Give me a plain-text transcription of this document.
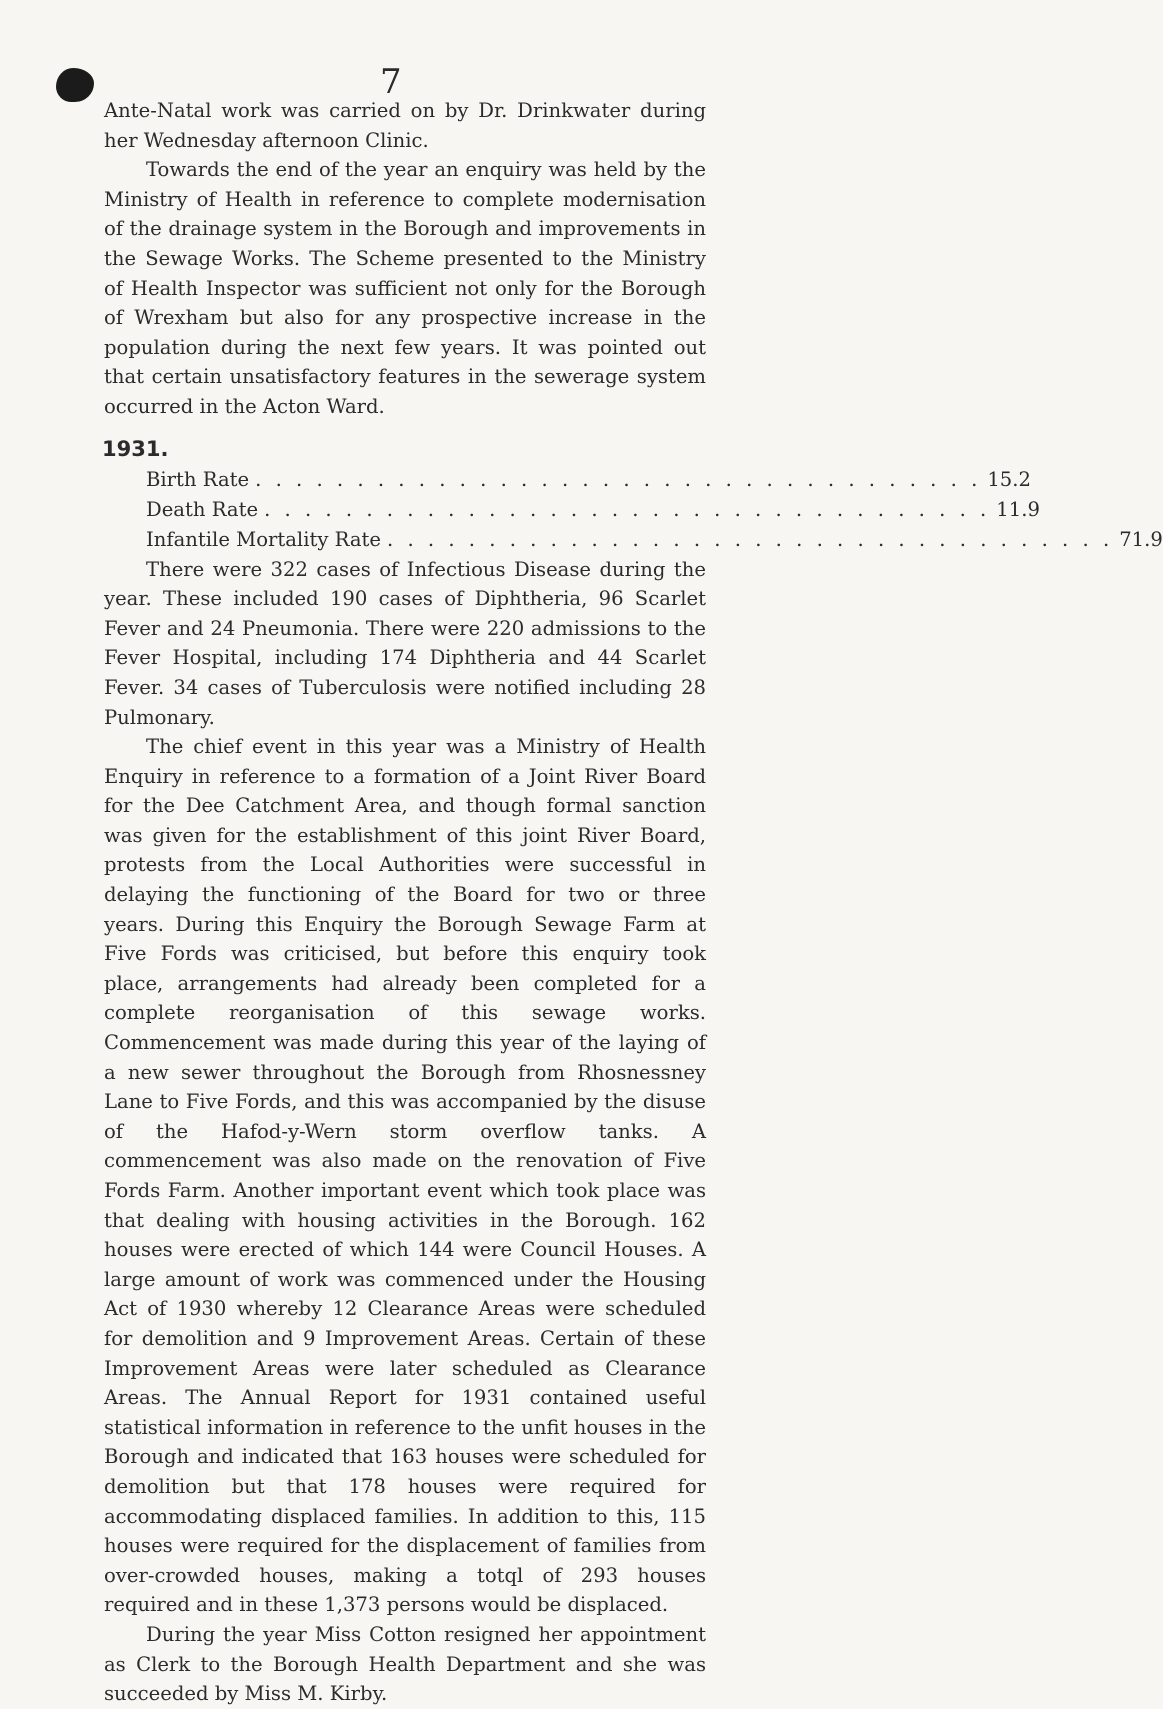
7

Ante-Natal work was carried on by Dr. Drinkwater during her Wednesday afternoon Clinic.

Towards the end of the year an enquiry was held by the Ministry of Health in reference to complete modernisation of the drainage system in the Borough and improvements in the Sewage Works. The Scheme presented to the Ministry of Health Inspector was sufficient not only for the Borough of Wrexham but also for any prospective increase in the population during the next few years. It was pointed out that certain unsatisfactory features in the sewerage system occurred in the Acton Ward.

1931.
Birth Rate . . . . . . . . . . . . . . . . . . . . . . . . . . . . . . . . . . . . 15.2
Death Rate . . . . . . . . . . . . . . . . . . . . . . . . . . . . . . . . . . . . 11.9
Infantile Mortality Rate . . . . . . . . . . . . . . . . . . . . . . . . . . . . . . . . . . . . 71.9

There were 322 cases of Infectious Disease during the year. These included 190 cases of Diphtheria, 96 Scarlet Fever and 24 Pneumonia. There were 220 admissions to the Fever Hospital, including 174 Diphtheria and 44 Scarlet Fever. 34 cases of Tuberculosis were notified including 28 Pulmonary.

The chief event in this year was a Ministry of Health Enquiry in reference to a formation of a Joint River Board for the Dee Catchment Area, and though formal sanction was given for the establishment of this joint River Board, protests from the Local Authorities were successful in delaying the functioning of the Board for two or three years. During this Enquiry the Borough Sewage Farm at Five Fords was criticised, but before this enquiry took place, arrangements had already been completed for a complete reorganisation of this sewage works. Commencement was made during this year of the laying of a new sewer throughout the Borough from Rhosnessney Lane to Five Fords, and this was accompanied by the disuse of the Hafod-y-Wern storm overflow tanks. A commencement was also made on the renovation of Five Fords Farm. Another important event which took place was that dealing with housing activities in the Borough. 162 houses were erected of which 144 were Council Houses. A large amount of work was commenced under the Housing Act of 1930 whereby 12 Clearance Areas were scheduled for demolition and 9 Improvement Areas. Certain of these Improvement Areas were later scheduled as Clearance Areas. The Annual Report for 1931 contained useful statistical information in reference to the unfit houses in the Borough and indicated that 163 houses were scheduled for demolition but that 178 houses were required for accommodating displaced families. In addition to this, 115 houses were required for the displacement of families from over-crowded houses, making a totql of 293 houses required and in these 1,373 persons would be displaced.

During the year Miss Cotton resigned her appointment as Clerk to the Borough Health Department and she was succeeded by Miss M. Kirby.
